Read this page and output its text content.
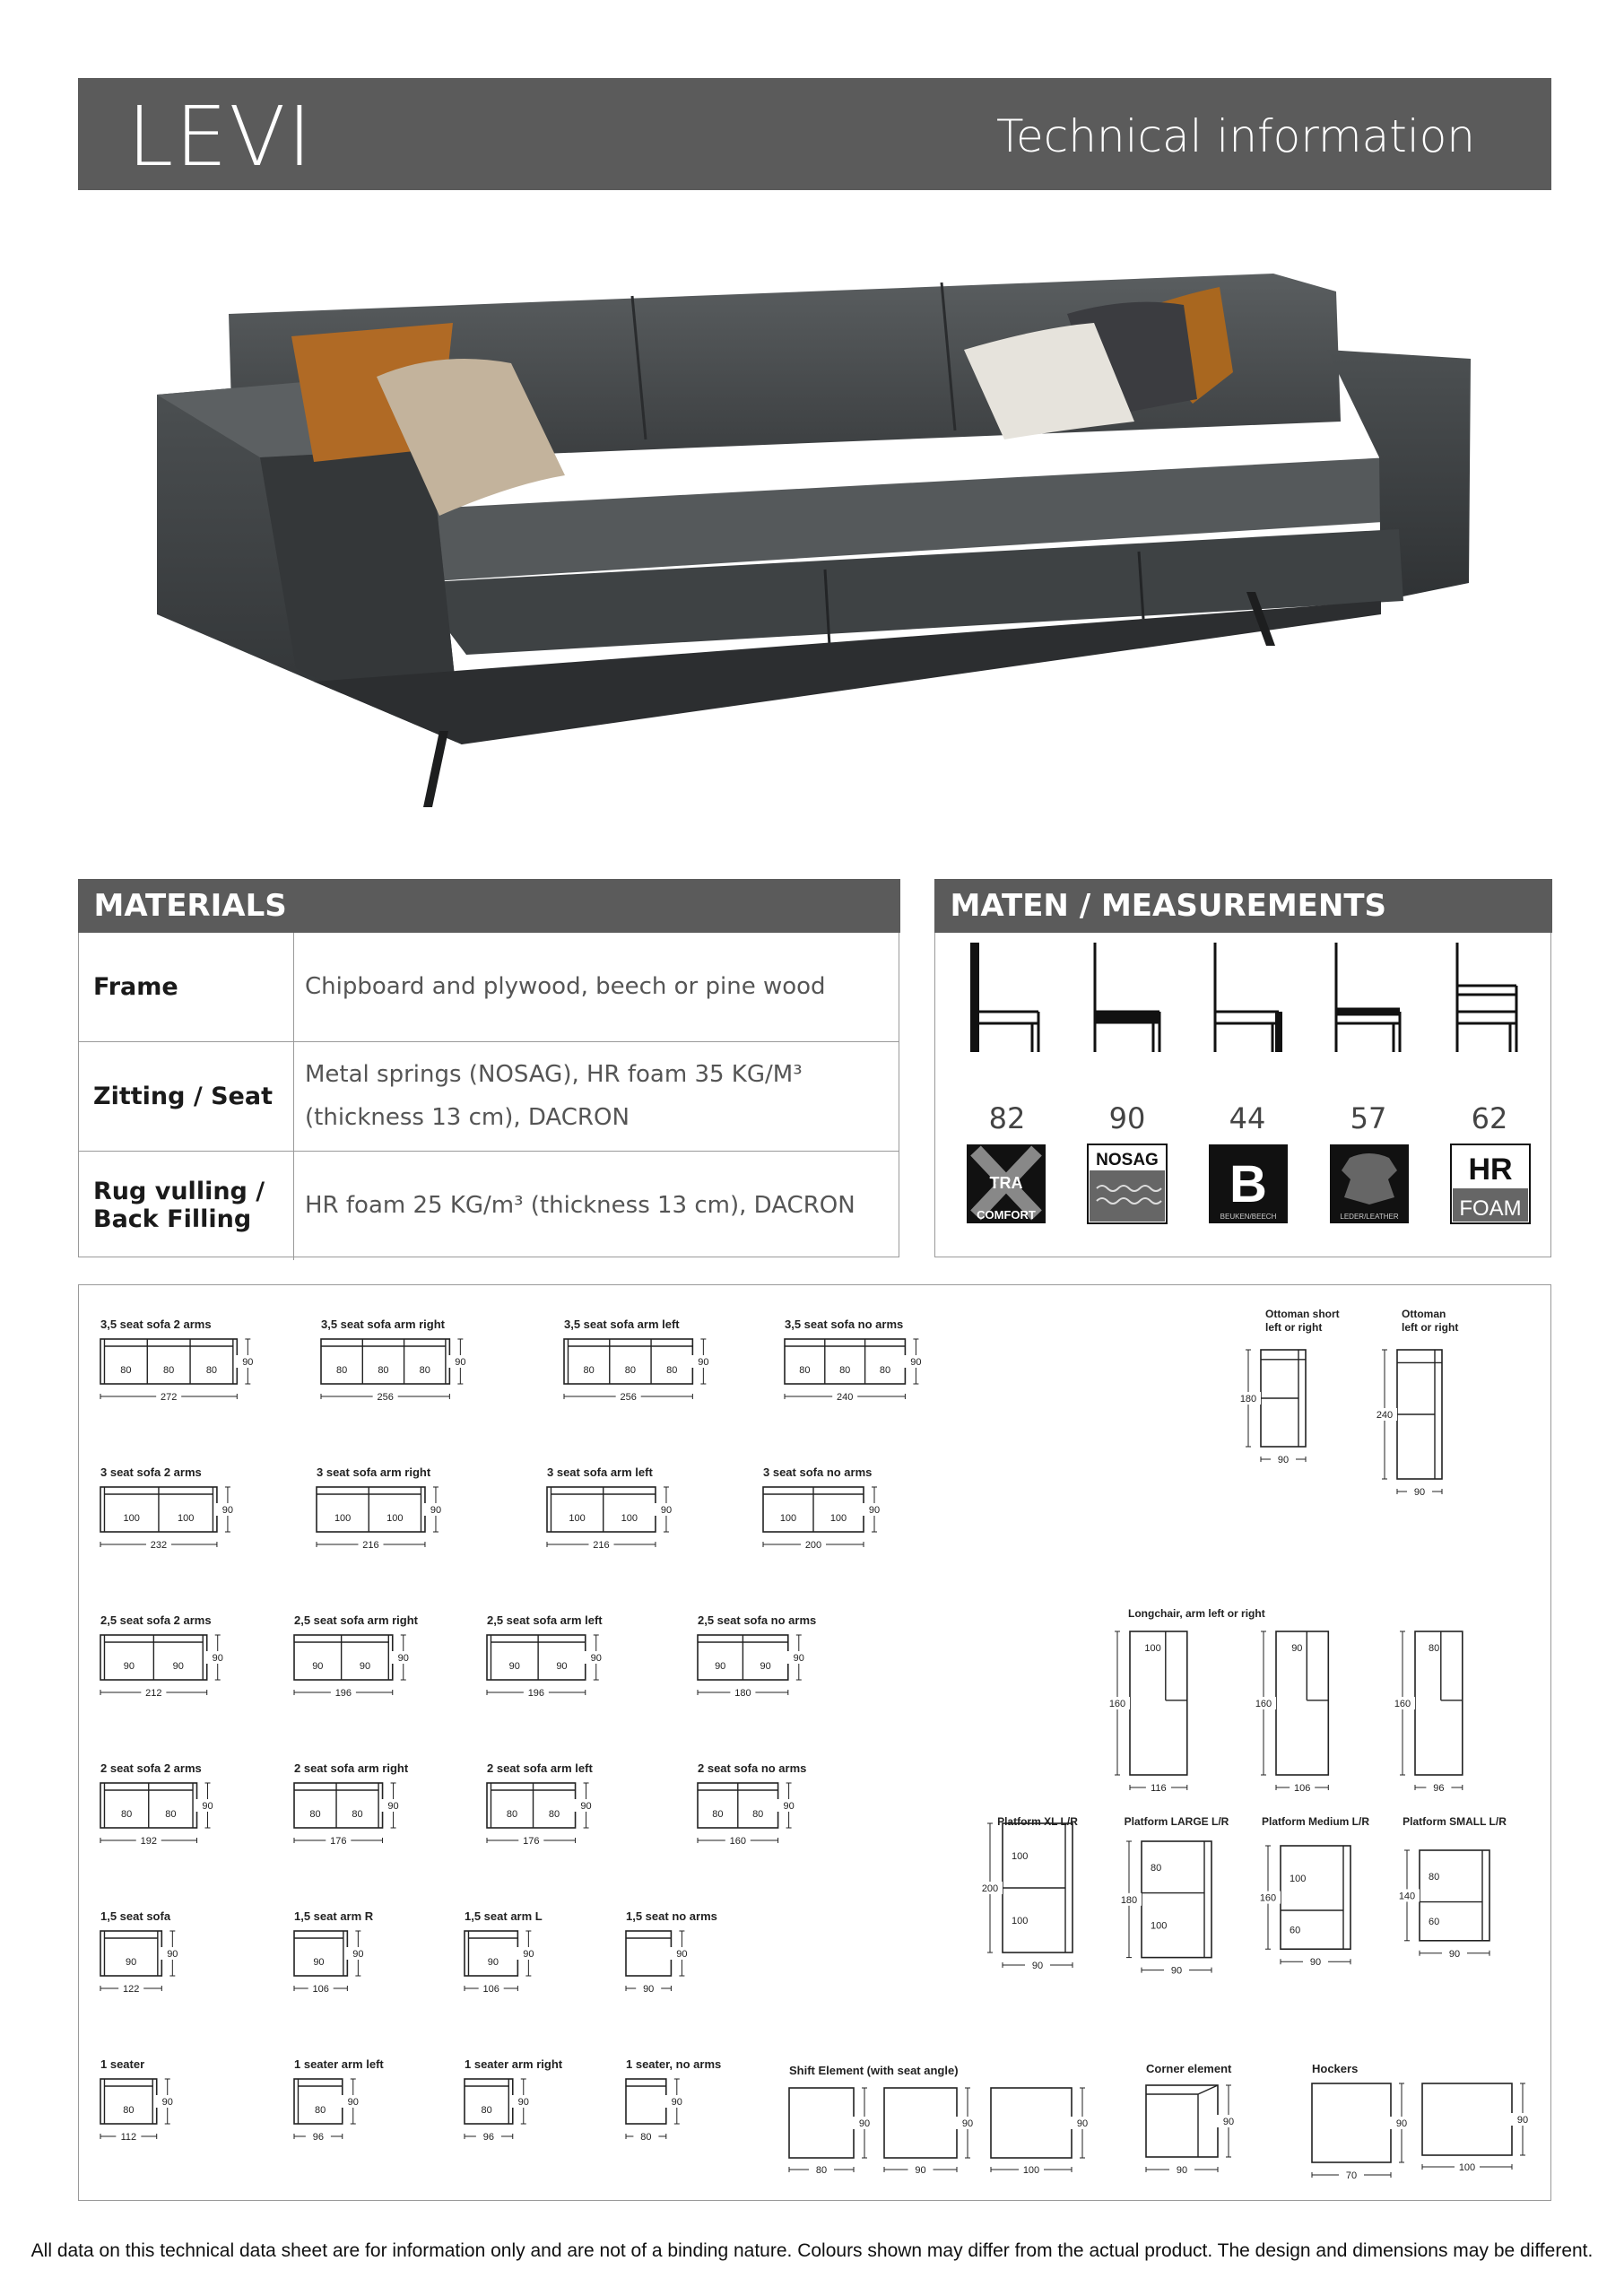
LEVI	Technical information
MATERIALS
Frame	Chipboard and plywood, beech or pine wood
Zitting / Seat	Metal springs (NOSAG), HR foam 35 KG/M³ (thickness 13 cm), DACRON
Rug vulling / Back Filling	HR foam 25 KG/m³ (thickness 13 cm), DACRON
MATEN / MEASUREMENTS
TRA
COMFORT
NOSAG B
BEUKEN/BEECH	LEDER/LEATHER
HR
FOAM
82	90	44	57	62
3,5 seat sofa 2 arms
80	80	80
272
90
3,5 seat sofa arm right
80	80	80
256
90
3,5 seat sofa arm left
80	80	80
256
90
3,5 seat sofa no arms
80	80	80
240
90
3 seat sofa 2 arms
100	100
232
90
3 seat sofa arm right
100	100
216
90
3 seat sofa arm left
100	100
216
90
3 seat sofa no arms
100	100
200
90
2,5 seat sofa 2 arms
90	90
212
90
2,5 seat sofa arm right
90	90
196
90
2,5 seat sofa arm left
90	90
196
90
2,5 seat sofa no arms
90	90
180
90
2 seat sofa 2 arms
80	80
192
90
2 seat sofa arm right
80	80
176
90
2 seat sofa arm left
80	80
176
90
2 seat sofa no arms
80	80
160
90
1,5 seat sofa
90
122
90
1,5 seat arm R
90
106
90
1,5 seat arm L
90
106
90
1,5 seat no arms
90
90
1 seater
80
112
90
1 seater arm left
80
96
90
1 seater arm right
80
96
90
1 seater, no arms
80
90
Ottoman short
left or right
180
90
Ottoman
left or right
240
90
Longchair, arm left or right
100
160
116
90
160
106
80
160
96
Platform XL L/R
100
100
200
90
Platform LARGE L/R
80
100
180
90
Platform Medium L/R
100
60
160
90
Platform SMALL L/R
80
60
140
90
Shift Element (with seat angle)
90
80
90
90
90
100
Corner element
90
90
Hockers
90
70
90
100
All data on this technical data sheet are for information only and are not of a binding nature. Colours shown may differ from the actual product. The design and dimensions may be different.
